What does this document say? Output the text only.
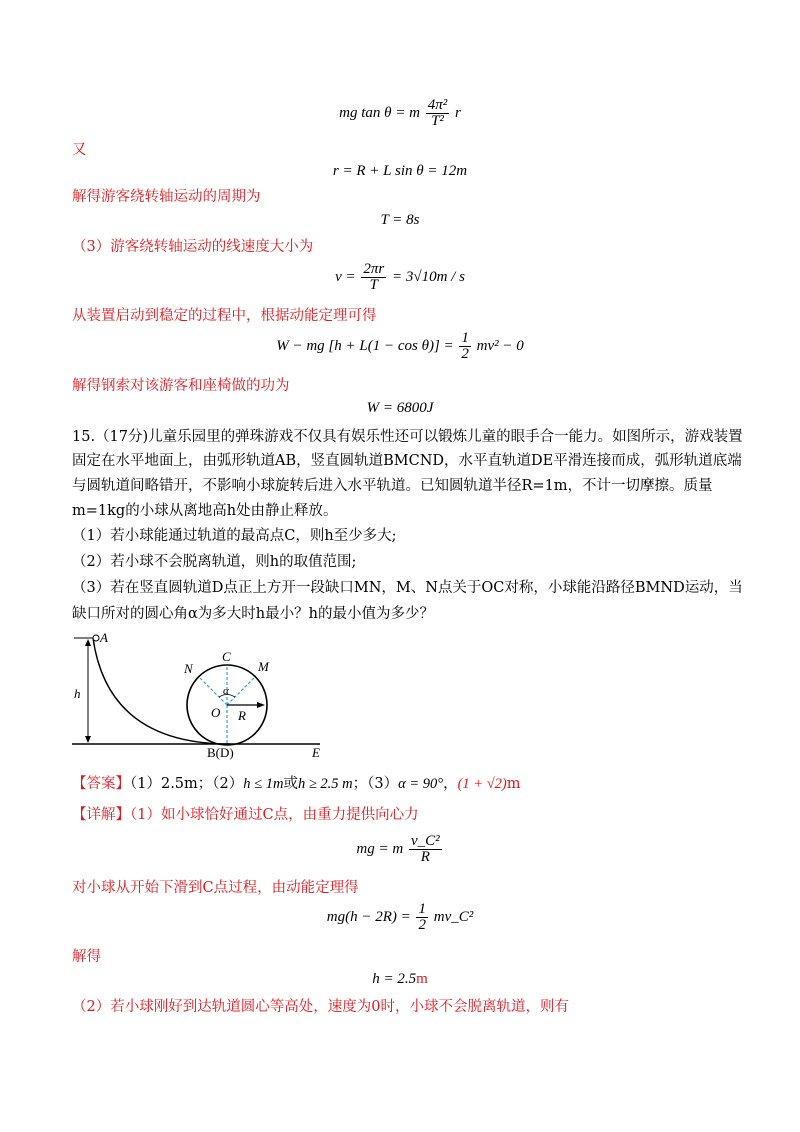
mg tan θ = m $\frac{\text{4π²}}{\text{T²}}$ r
又
r = R + L sin θ = 12m
解得游客绕转轴运动的周期为
T = 8s
（3）游客绕转轴运动的线速度大小为
$v = \frac{2\pi r}{T} = 3√10m / s$
从装置启动到稳定的过程中，根据动能定理可得
W − mg $[h + L(1 - \cos \theta)] = \frac{1}{2} mv^2 - 0$
解得钢索对该游客和座椅做的功为
W = 6800J
15.（17分)儿童乐园里的弹珠游戏不仅具有娱乐性还可以锻炼儿童的眼手合一能力。如图所示，游戏装置
固定在水平地面上，由弧形轨道AB，竖直圆轨道BMCND，水平直轨道DE平滑连接而成，弧形轨道底端
与圆轨道间略错开，不影响小球旋转后进入水平轨道。已知圆轨道半径R=1m，不计一切摩擦。质量
m=1kg的小球从离地高h处由静止释放。
（1）若小球能通过轨道的最高点C，则h至少多大;
（2）若小球不会脱离轨道，则h的取值范围;
（3）若在竖直圆轨道D点正上方开一段缺口MN，M、N点关于OC对称，小球能沿路径BMND运动，当
缺口所对的圆心角α为多大时h最小？h的最小值为多少？
A
h
C
N	M
α
O R
B(D)	E
【答案】（1）2.5m；（2）h ≤ 1m或h ≥ 2.5 m；（3）α = 90°，(1 + √2)m
【详解】（1）如小球恰好通过C点，由重力提供向心力
mg = m $\frac{\text{v\_C²}}{R}$
对小球从开始下滑到C点过程，由动能定理得
$mg(h - 2R) = \frac{1}{2}$ mv_C²
解得
h = 2.5m
（2）若小球刚好到达轨道圆心等高处，速度为0时，小球不会脱离轨道，则有
